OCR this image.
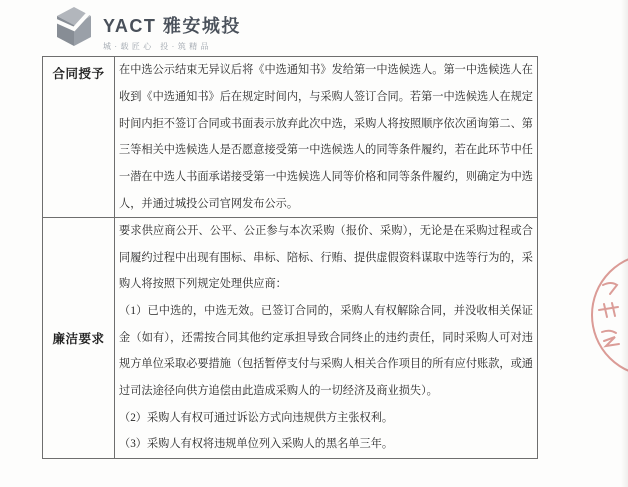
YACT 雅安城投
城·载匠心 投·筑精品
合同授予	在中选公示结束无异议后将《中选通知书》发给第一中选候选人。第一中选候选人在收到《中选通知书》后在规定时间内，与采购人签订合同。若第一中选候选人在规定时间内拒不签订合同或书面表示放弃此次中选，采购人将按照顺序依次函询第二、第三等相关中选候选人是否愿意接受第一中选候选人的同等条件履约，若在此环节中任一潜在中选人书面承诺接受第一中选候选人同等价格和同等条件履约，则确定为中选人，并通过城投公司官网发布公示。

廉洁要求

要求供应商公开、公平、公正参与本次采购（报价、采购），无论是在采购过程或合同履约过程中出现有围标、串标、陪标、行贿、提供虚假资料谋取中选等行为的，采购人将按照下列规定处理供应商：

（1）已中选的，中选无效。已签订合同的，采购人有权解除合同，并没收相关保证金（如有），还需按合同其他约定承担导致合同终止的违约责任，同时采购人可对违规方单位采取必要措施（包括暂停支付与采购人相关合作项目的所有应付账款，或通过司法途径向供方追偿由此造成采购人的一切经济及商业损失）。

（2）采购人有权可通过诉讼方式向违规供方主张权利。

（3）采购人有权将违规单位列入采购人的黑名单三年。
